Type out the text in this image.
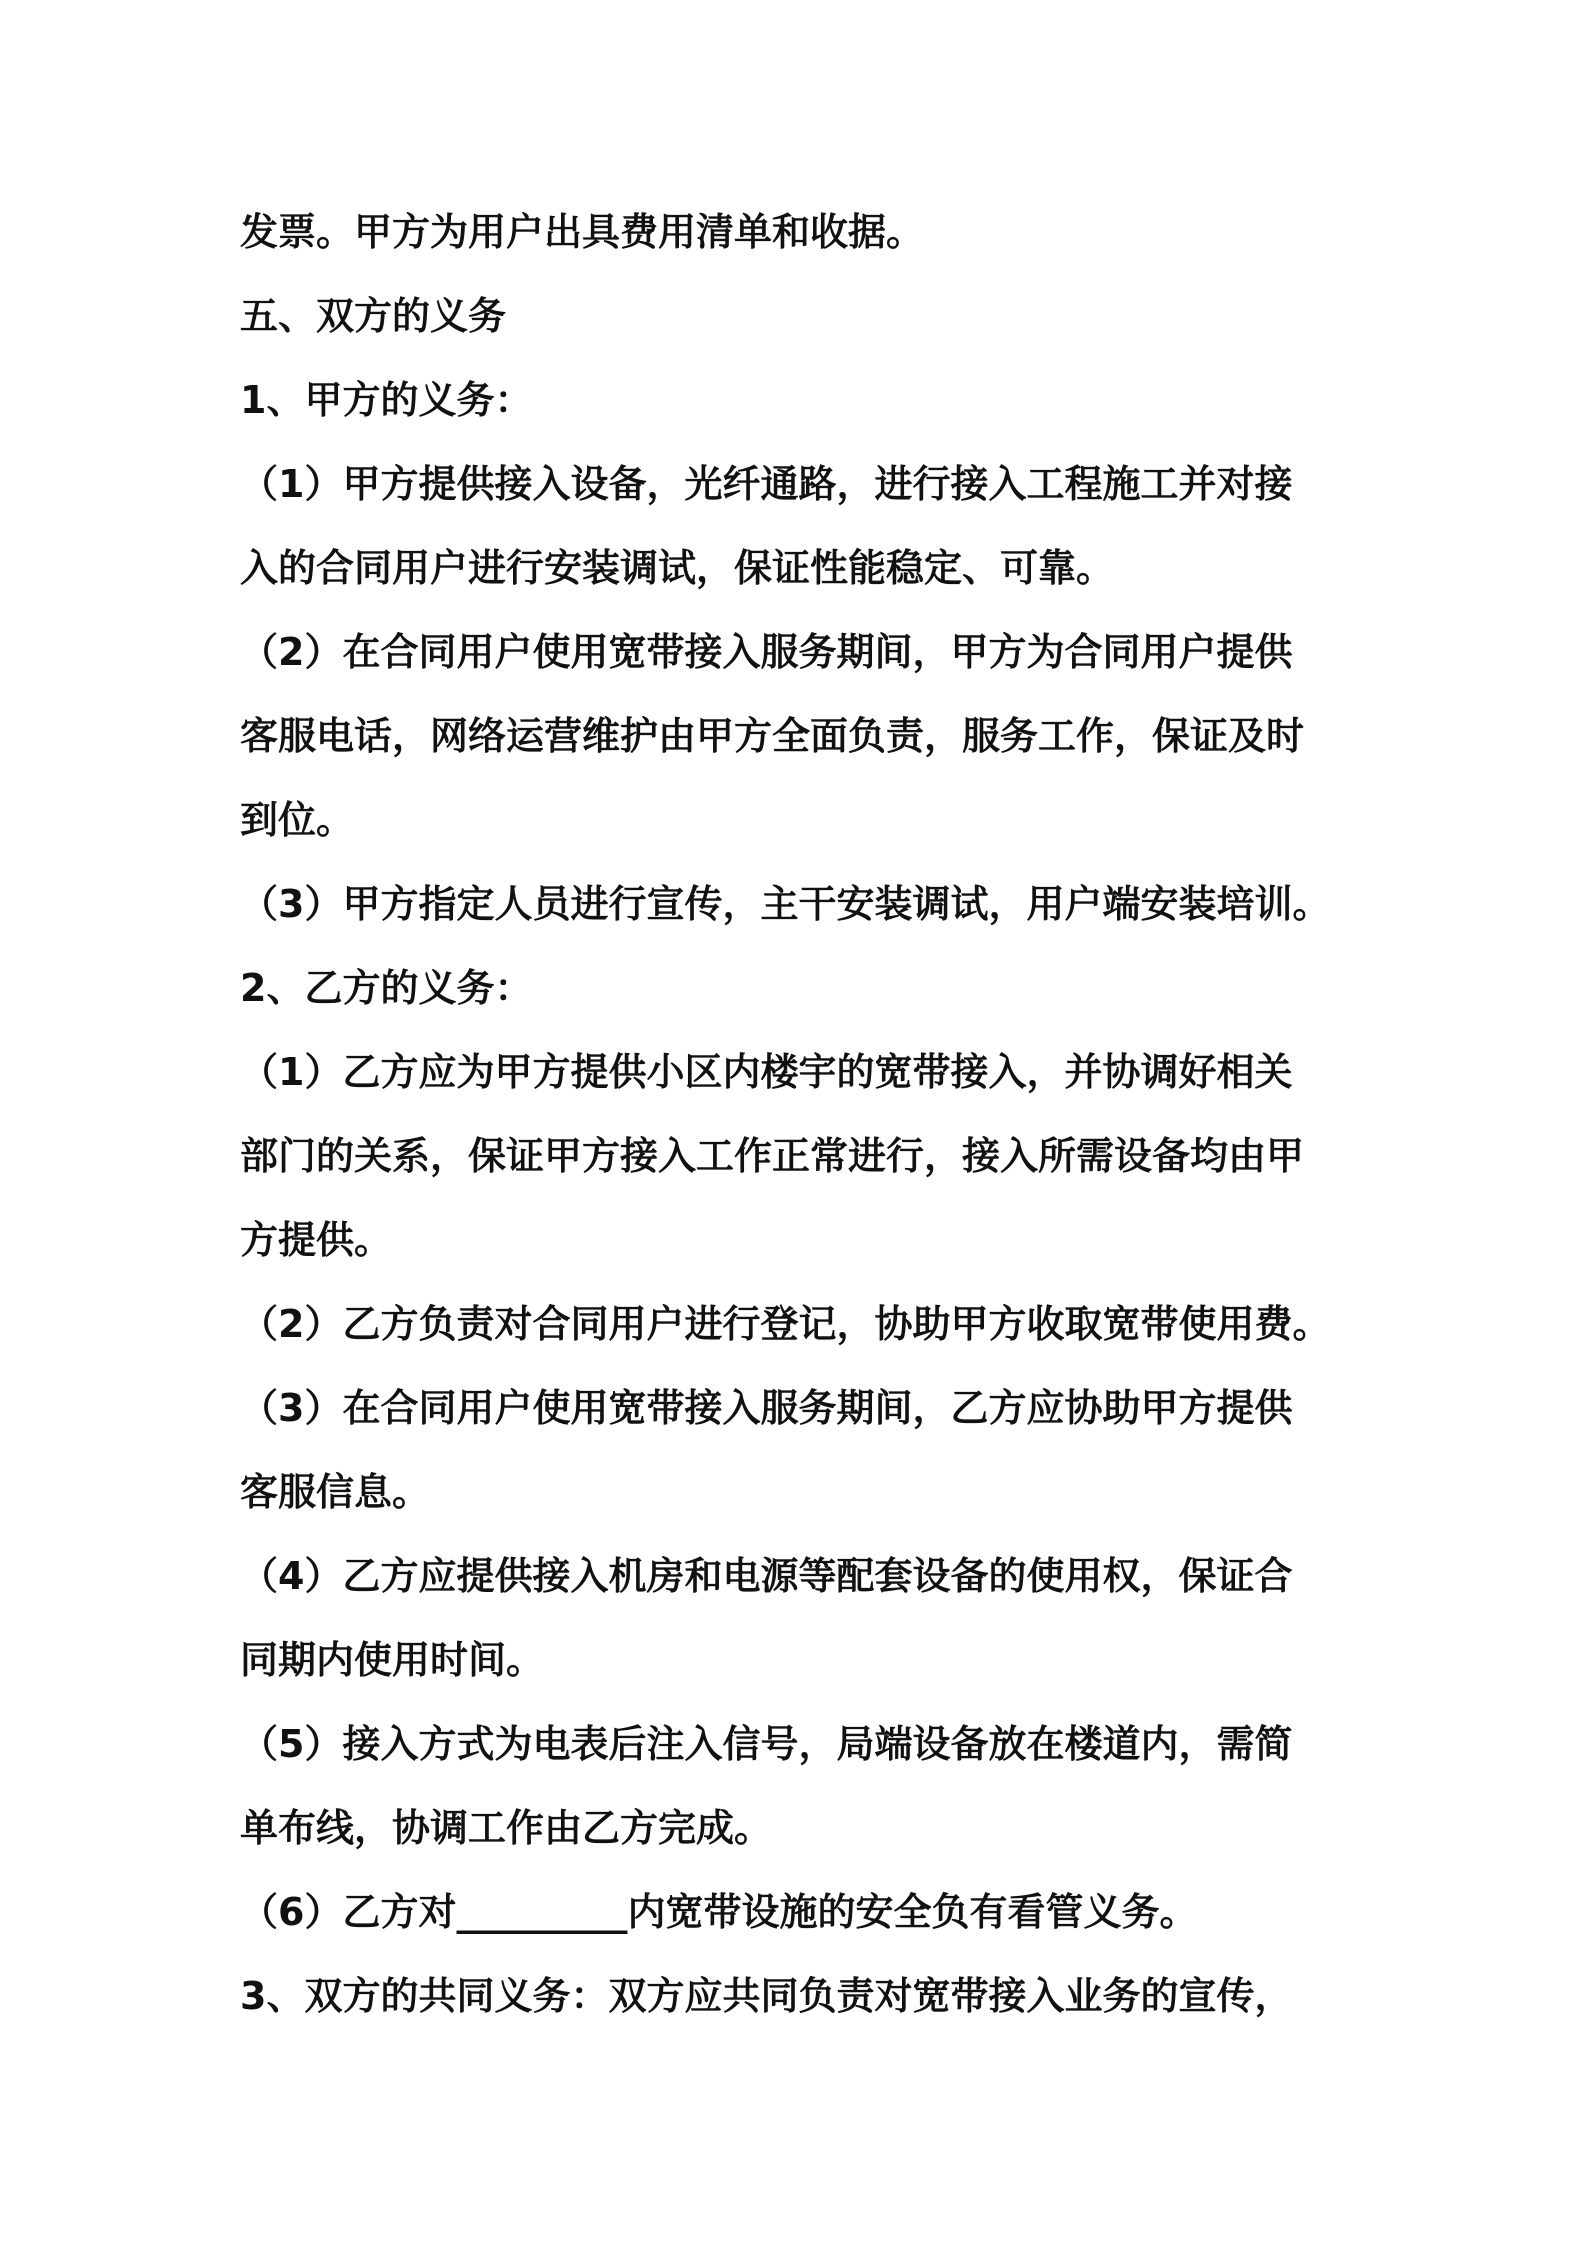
发票。甲方为用户出具费用清单和收据。

五、双方的义务

1、甲方的义务：

（1）甲方提供接入设备，光纤通路，进行接入工程施工并对接

入的合同用户进行安装调试，保证性能稳定、可靠。

（2）在合同用户使用宽带接入服务期间，甲方为合同用户提供

客服电话，网络运营维护由甲方全面负责，服务工作，保证及时

到位。

（3）甲方指定人员进行宣传，主干安装调试，用户端安装培训。

2、乙方的义务：

（1）乙方应为甲方提供小区内楼宇的宽带接入，并协调好相关

部门的关系，保证甲方接入工作正常进行，接入所需设备均由甲

方提供。

（2）乙方负责对合同用户进行登记，协助甲方收取宽带使用费。

（3）在合同用户使用宽带接入服务期间，乙方应协助甲方提供

客服信息。

（4）乙方应提供接入机房和电源等配套设备的使用权，保证合

同期内使用时间。

（5）接入方式为电表后注入信号，局端设备放在楼道内，需简

单布线，协调工作由乙方完成。

（6）乙方对_________内宽带设施的安全负有看管义务。

3、双方的共同义务：双方应共同负责对宽带接入业务的宣传，
